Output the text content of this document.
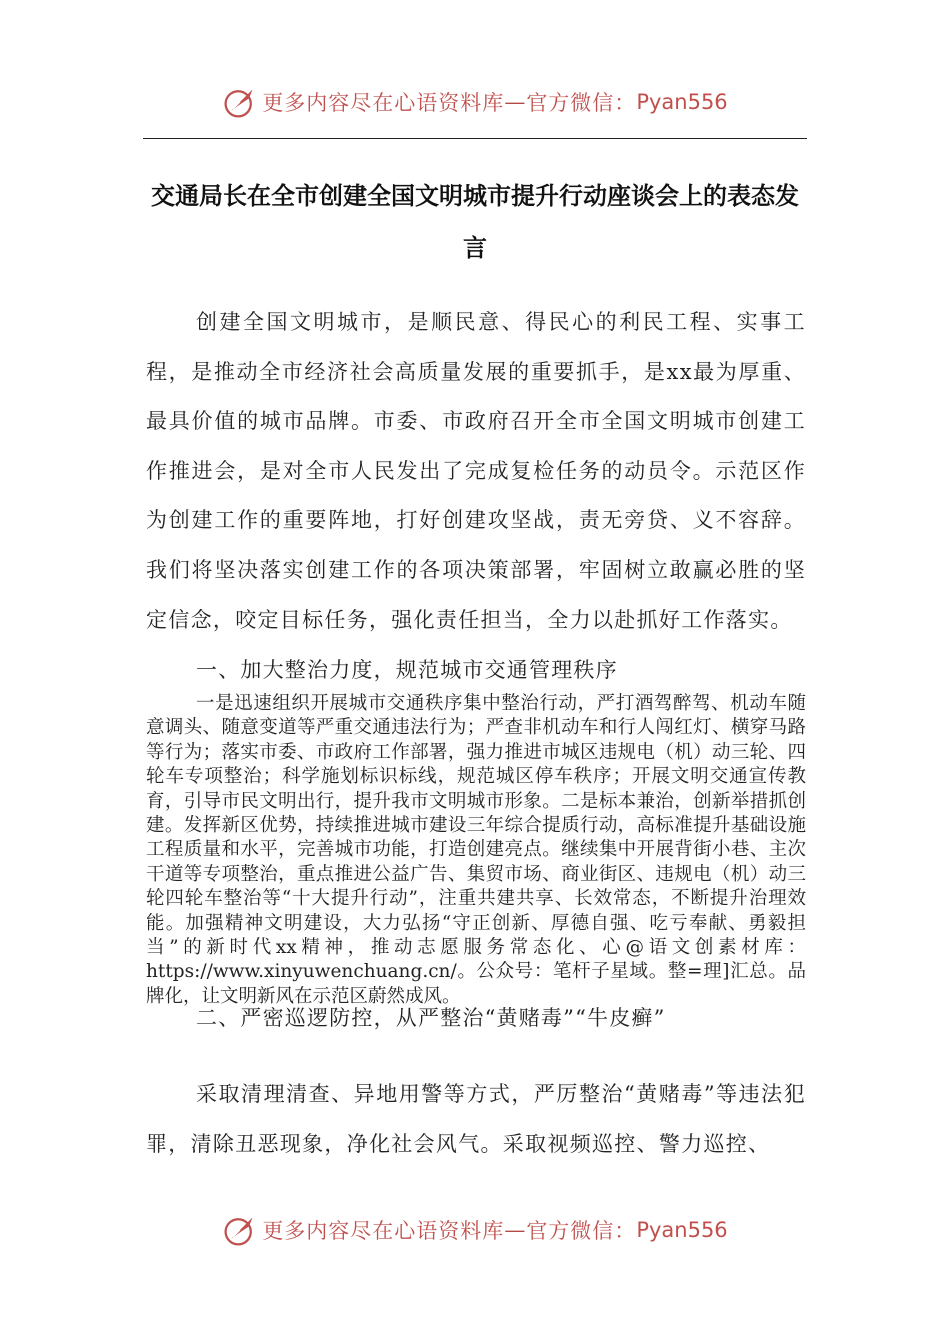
更多内容尽在心语资料库 — 官方微信： Pyan556
交通局长在全市创建全国文明城市提升行动座谈会上的表态发言
创建全国文明城市，是顺民意、得民心的利民工程、实事工程，是推动全市经济社会高质量发展的重要抓手，是xx最为厚重、最具价值的城市品牌。市委、市政府召开全市全国文明城市创建工作推进会，是对全市人民发出了完成复检任务的动员令。示范区作为创建工作的重要阵地，打好创建攻坚战，责无旁贷、义不容辞。我们将坚决落实创建工作的各项决策部署，牢固树立敢赢必胜的坚定信念，咬定目标任务，强化责任担当，全力以赴抓好工作落实。
一、加大整治力度，规范城市交通管理秩序
一是迅速组织开展城市交通秩序集中整治行动，严打酒驾醉驾、机动车随意调头、随意变道等严重交通违法行为；严查非机动车和行人闯红灯、横穿马路等行为；落实市委、市政府工作部署，强力推进市城区违规电（机）动三轮、四轮车专项整治；科学施划标识标线，规范城区停车秩序；开展文明交通宣传教育，引导市民文明出行，提升我市文明城市形象。二是标本兼治，创新举措抓创建。发挥新区优势，持续推进城市建设三年综合提质行动，高标准提升基础设施工程质量和水平，完善城市功能，打造创建亮点。继续集中开展背街小巷、主次干道等专项整治，重点推进公益广告、集贸市场、商业街区、违规电（机）动三轮四轮车整治等“十大提升行动”，注重共建共享、长效常态，不断提升治理效能。加强精神文明建设，大力弘扬“守正创新、厚德自强、吃亏奉献、勇毅担当”的新时代xx精神，推动志愿服务常态化、心@语文创素材库：https://www.xinyuwenchuang.cn/。公众号：笔杆子星域。整=理]汇总。品牌化，让文明新风在示范区蔚然成风。
二、严密巡逻防控，从严整治“黄赌毒”“牛皮癣”
采取清理清查、异地用警等方式，严厉整治“黄赌毒”等违法犯罪，清除丑恶现象，净化社会风气。采取视频巡控、警力巡控、
更多内容尽在心语资料库 — 官方微信： Pyan556
